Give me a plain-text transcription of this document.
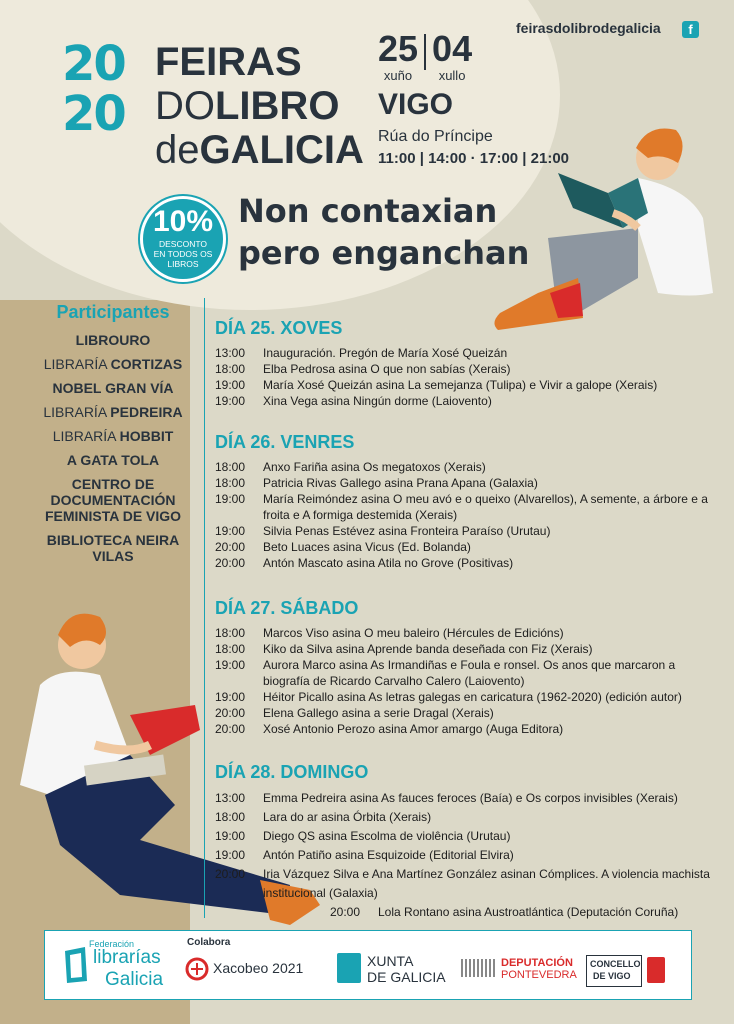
20
20
FEIRAS
DOLIBRO
deGALICIA
25
xuño
04
xullo
VIGO
Rúa do Príncipe
11:00 | 14:00 · 17:00 | 21:00
feirasdolibrodegalicia	f
10%
DESCONTO
EN TODOS OS
LIBROS
Non contaxian
pero enganchan
Participantes
LIBROURO
LIBRARÍA CORTIZAS
NOBEL GRAN VÍA
LIBRARÍA PEDREIRA
LIBRARÍA HOBBIT
A GATA TOLA
CENTRO DE DOCUMENTACIÓN FEMINISTA DE VIGO
BIBLIOTECA NEIRA VILAS
DÍA 25. XOVES
13:00	Inauguración. Pregón de María Xosé Queizán
18:00	Elba Pedrosa asina O que non sabías (Xerais)
19:00	María Xosé Queizán asina La semejanza (Tulipa) e Vivir a galope (Xerais)
19:00	Xina Vega asina Ningún dorme (Laiovento)
DÍA 26. VENRES
18:00	Anxo Fariña asina Os megatoxos (Xerais)
18:00	Patricia Rivas Gallego asina Prana Apana (Galaxia)
19:00	María Reimóndez asina O meu avó e o queixo (Alvarellos), A semente, a árbore e a froita e A formiga destemida (Xerais)
19:00	Silvia Penas Estévez asina Fronteira Paraíso (Urutau)
20:00	Beto Luaces asina Vicus (Ed. Bolanda)
20:00	Antón Mascato asina Atila no Grove (Positivas)
DÍA 27. SÁBADO
18:00	Marcos Viso asina O meu baleiro (Hércules de Edicións)
18:00	Kiko da Silva asina Aprende banda deseñada con Fiz (Xerais)
19:00	Aurora Marco asina As Irmandiñas e Foula e ronsel. Os anos que marcaron a biografía de Ricardo Carvalho Calero (Laiovento)
19:00	Héitor Picallo asina As letras galegas en caricatura (1962-2020) (edición autor)
20:00	Elena Gallego asina a serie Dragal (Xerais)
20:00	Xosé Antonio Perozo asina Amor amargo (Auga Editora)
DÍA 28. DOMINGO
13:00	Emma Pedreira asina As fauces feroces (Baía) e Os corpos invisibles (Xerais)
18:00	Lara do ar asina Órbita (Xerais)
19:00	Diego QS asina Escolma de violência (Urutau)
19:00	Antón Patiño asina Esquizoide (Editorial Elvira)
20:00	Iria Vázquez Silva e Ana Martínez González asinan Cómplices. A violencia machista institucional (Galaxia)
20:00	Lola Rontano asina Austroatlántica (Deputación Coruña)
Federación
librarías
Galicia
Colabora
Xacobeo 2021	XUNTA
DE GALICIA
DEPUTACIÓN
PONTEVEDRA
CONCELLO
DE VIGO
